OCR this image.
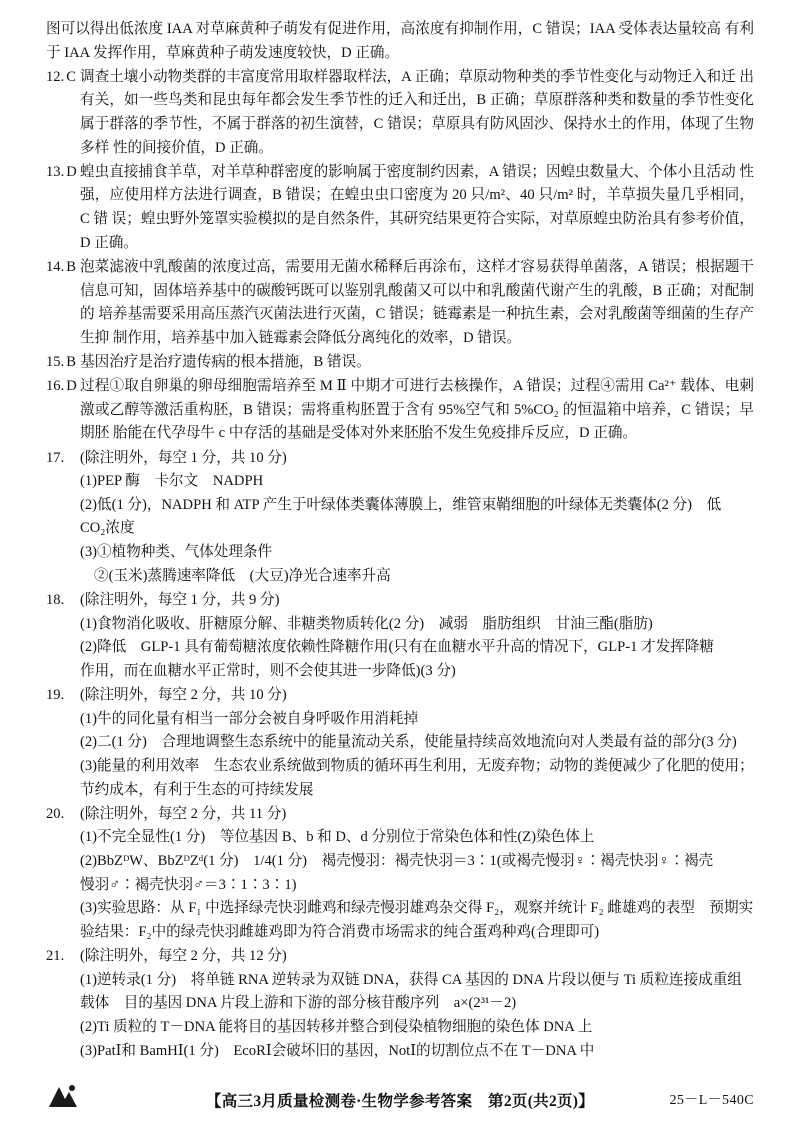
图可以得出低浓度 IAA 对草麻黄种子萌发有促进作用，高浓度有抑制作用，C 错误；IAA 受体表达量较高 有利于 IAA 发挥作用，草麻黄种子萌发速度较快，D 正确。
12. C 调查土壤小动物类群的丰富度常用取样器取样法，A 正确；草原动物种类的季节性变化与动物迁入和迁 出有关，如一些鸟类和昆虫每年都会发生季节性的迁入和迁出，B 正确；草原群落种类和数量的季节性变化 属于群落的季节性，不属于群落的初生演替，C 错误；草原具有防风固沙、保持水土的作用，体现了生物多样 性的间接价值，D 正确。
13. D 蝗虫直接捕食羊草，对羊草种群密度的影响属于密度制约因素，A 错误；因蝗虫数量大、个体小且活动 性强，应使用样方法进行调查，B 错误；在蝗虫虫口密度为 20 只/m²、40 只/m² 时，羊草损失量几乎相同，C 错 误；蝗虫野外笼罩实验模拟的是自然条件，其研究结果更符合实际，对草原蝗虫防治具有参考价值，D 正确。
14. B 泡菜滤液中乳酸菌的浓度过高，需要用无菌水稀释后再涂布，这样才容易获得单菌落，A 错误；根据题干 信息可知，固体培养基中的碳酸钙既可以鉴别乳酸菌又可以中和乳酸菌代谢产生的乳酸，B 正确；对配制的 培养基需要采用高压蒸汽灭菌法进行灭菌，C 错误；链霉素是一种抗生素，会对乳酸菌等细菌的生存产生抑 制作用，培养基中加入链霉素会降低分离纯化的效率，D 错误。
15. B 基因治疗是治疗遗传病的根本措施，B 错误。
16. D 过程①取自卵巢的卵母细胞需培养至 M Ⅱ 中期才可进行去核操作，A 错误；过程④需用 Ca²⁺ 载体、电刺 激或乙醇等激活重构胚，B 错误；需将重构胚置于含有 95%空气和 5%CO₂ 的恒温箱中培养，C 错误；早期胚 胎能在代孕母牛 c 中存活的基础是受体对外来胚胎不发生免疫排斥反应，D 正确。
17.	(除注明外，每空 1 分，共 10 分)
(1)PEP 酶　卡尔文　NADPH
(2)低(1 分)，NADPH 和 ATP 产生于叶绿体类囊体薄膜上，维管束鞘细胞的叶绿体无类囊体(2 分)　低
CO₂浓度
(3)①植物种类、气体处理条件
②(玉米)蒸腾速率降低　(大豆)净光合速率升高
18.	(除注明外，每空 1 分，共 9 分)
(1)食物消化吸收、肝糖原分解、非糖类物质转化(2 分)　减弱　脂肪组织　甘油三酯(脂肪)
(2)降低　GLP‐1 具有葡萄糖浓度依赖性降糖作用(只有在血糖水平升高的情况下，GLP‐1 才发挥降糖
作用，而在血糖水平正常时，则不会使其进一步降低)(3 分)
19.	(除注明外，每空 2 分，共 10 分)
(1)牛的同化量有相当一部分会被自身呼吸作用消耗掉
(2)二(1 分)　合理地调整生态系统中的能量流动关系，使能量持续高效地流向对人类最有益的部分(3 分)
(3)能量的利用效率　生态农业系统做到物质的循环再生利用，无废弃物；动物的粪便减少了化肥的使用；
节约成本，有利于生态的可持续发展
20.	(除注明外，每空 2 分，共 11 分)
(1)不完全显性(1 分)　等位基因 B、b 和 D、d 分别位于常染色体和性(Z)染色体上
(2)BbZᴰW、BbZᴰZᵈ(1 分)　1/4(1 分)　褐壳慢羽：褐壳快羽＝3∶1(或褐壳慢羽♀∶褐壳快羽♀∶褐壳
慢羽♂∶褐壳快羽♂＝3∶1∶3∶1)
(3)实验思路：从 F₁ 中选择绿壳快羽雌鸡和绿壳慢羽雄鸡杂交得 F₂，观察并统计 F₂ 雌雄鸡的表型　预期实
验结果：F₂中的绿壳快羽雌雄鸡即为符合消费市场需求的纯合蛋鸡种鸡(合理即可)
21.	(除注明外，每空 2 分，共 12 分)
(1)逆转录(1 分)　将单链 RNA 逆转录为双链 DNA，获得 CA 基因的 DNA 片段以便与 Ti 质粒连接成重组
载体　目的基因 DNA 片段上游和下游的部分核苷酸序列　a×(2³¹－2)
(2)Ti 质粒的 T－DNA 能将目的基因转移并整合到侵染植物细胞的染色体 DNA 上
(3)PatⅠ和 BamHⅠ(1 分)　EcoRⅠ会破坏旧的基因，NotⅠ的切割位点不在 T－DNA 中
【高三3月质量检测卷·生物学参考答案　第2页(共2页)】	25－L－540C
